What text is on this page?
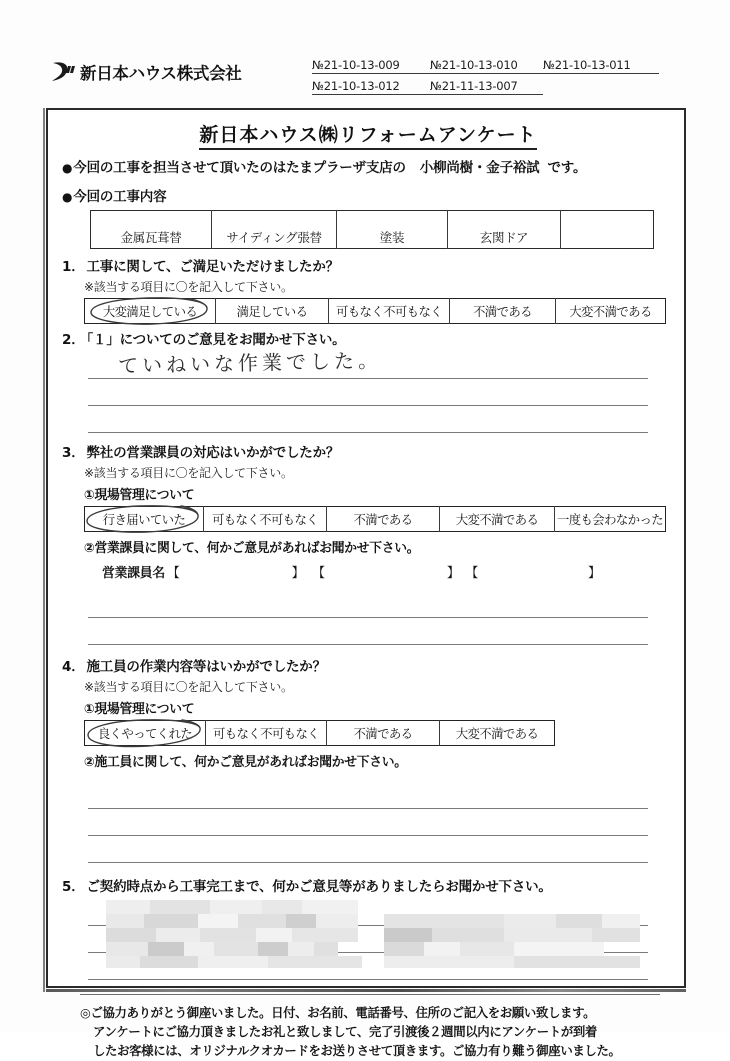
新日本ハウス株式会社	№21-10-13-009	№21-10-13-010	№21-10-13-011
№21-10-13-012	№21-11-13-007
新日本ハウス㈱リフォームアンケート
●今回の工事を担当させて頂いたのはたまプラーザ支店の 小柳尚樹・金子裕試 です。
●今回の工事内容
金属瓦葺替	サイディング張替	塗装	玄関ドア	
1． 工事に関して、ご満足いただけましたか？
※該当する項目に〇を記入して下さい。
大変満足している	満足している	可もなく不可もなく	不満である	大変不満である
2． 「１」についてのご意見をお聞かせ下さい。
ていねいな作業でした。
3． 弊社の営業課員の対応はいかがでしたか？
※該当する項目に〇を記入して下さい。
①現場管理について
行き届いていた	可もなく不可もなく	不満である	大変不満である	一度も会わなかった
②営業課員に関して、何かご意見があればお聞かせ下さい。
営業課員名 【	】 【	】 【	】
4． 施工員の作業内容等はいかがでしたか？
※該当する項目に〇を記入して下さい。
①現場管理について
良くやってくれた	可もなく不可もなく	不満である	大変不満である
②施工員に関して、何かご意見があればお聞かせ下さい。
5． ご契約時点から工事完工まで、何かご意見等がありましたらお聞かせ下さい。
◎ご協力ありがとう御座いました。日付、お名前、電話番号、住所のご記入をお願い致します。
アンケートにご協力頂きましたお礼と致しまして、完了引渡後２週間以内にアンケートが到着
したお客様には、オリジナルクオカードをお送りさせて頂きます。ご協力有り難う御座いました。
